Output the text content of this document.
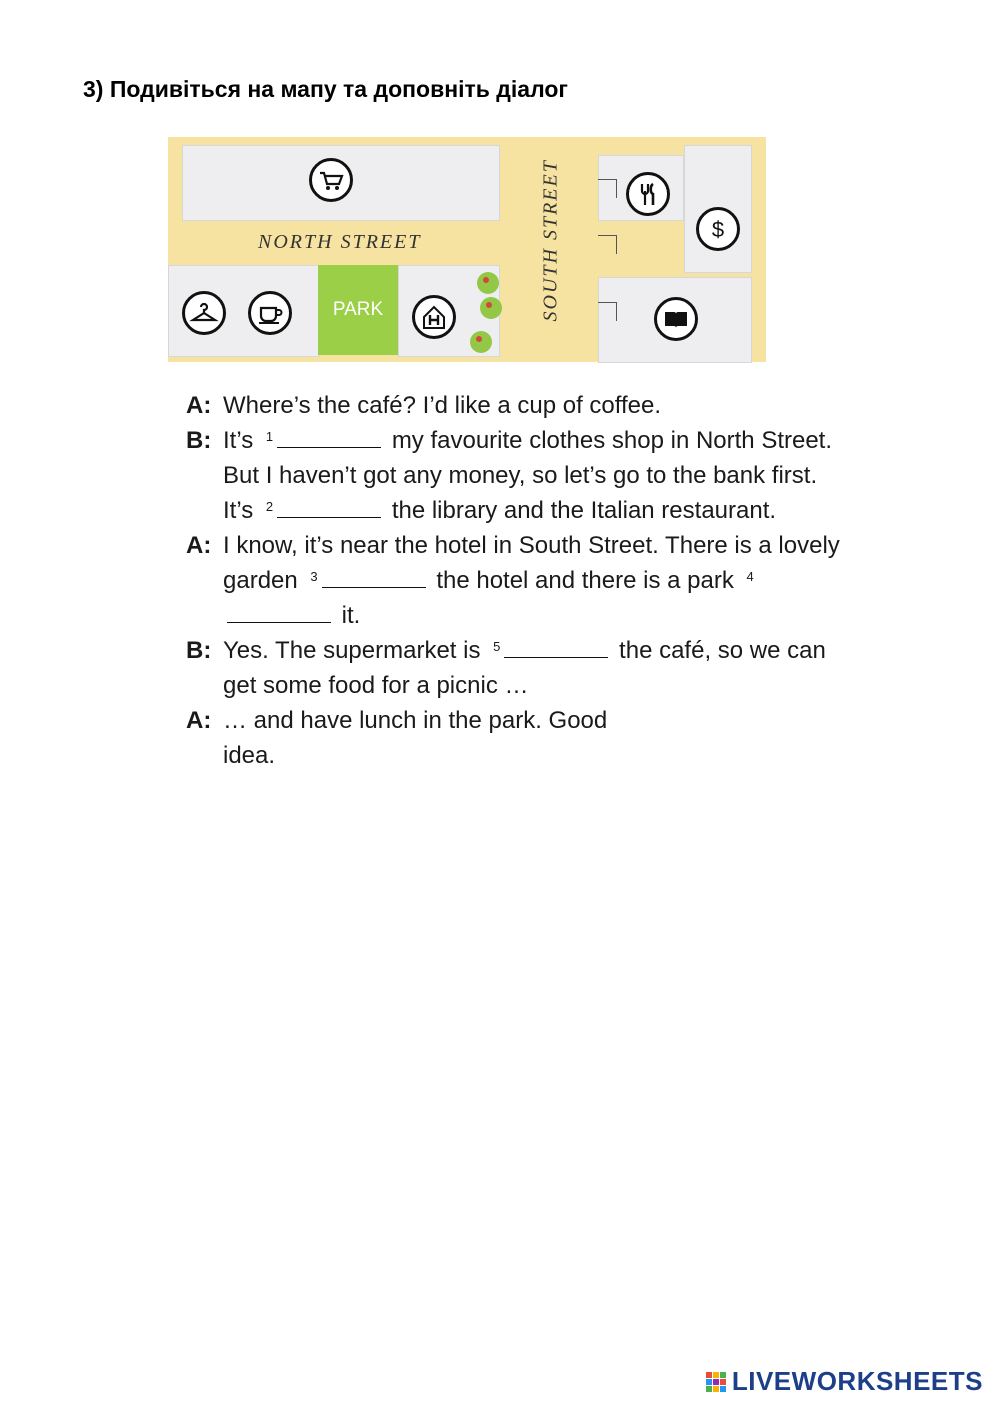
3) Подивіться на мапу та доповніть діалог
NORTH STREET
PARK	SOUTH STREET	$
A: Where’s the café? I’d like a cup of coffee.
B: It’s $^1$	my favourite clothes shop in North Street. But I haven’t got any money, so let’s go to the bank first. It’s $^2$	the library and the Italian restaurant.
A: I know, it’s near the hotel in South Street. There is a lovely garden $^3$	the hotel and there is a park $^4$ it.
B: Yes. The supermarket is $^5$	the café, so we can get some food for a picnic …
A: … and have lunch in the park. Good idea.
LIVEWORKSHEETS
